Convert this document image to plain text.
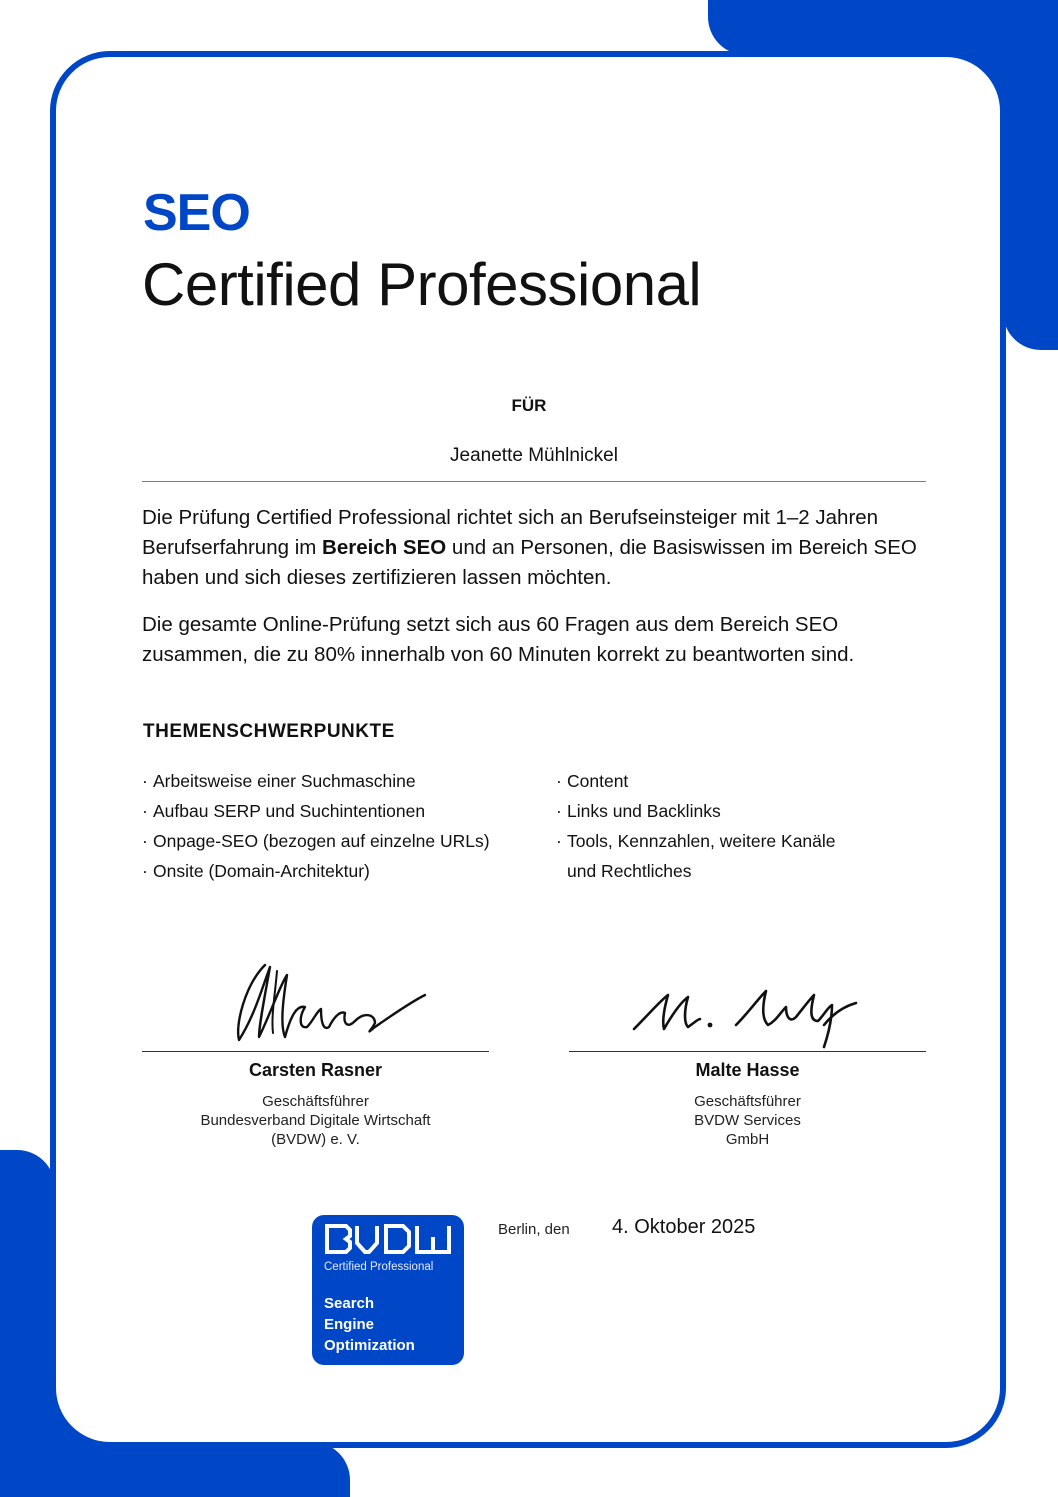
SEO
Certified Professional
FÜR
Jeanette Mühlnickel
Die Prüfung Certified Professional richtet sich an Berufseinsteiger mit 1–2 Jahren Berufserfahrung im Bereich SEO und an Personen, die Basiswissen im Bereich SEO haben und sich dieses zertifizieren lassen möchten.
Die gesamte Online-Prüfung setzt sich aus 60 Fragen aus dem Bereich SEO zusammen, die zu 80% innerhalb von 60 Minuten korrekt zu beantworten sind.
THEMENSCHWERPUNKTE
· Arbeitsweise einer Suchmaschine
· Aufbau SERP und Suchintentionen
· Onpage-SEO (bezogen auf einzelne URLs)
· Onsite (Domain-Architektur)
· Content
· Links und Backlinks
· Tools, Kennzahlen, weitere Kanäle
und Rechtliches
Carsten Rasner
Geschäftsführer
Bundesverband Digitale Wirtschaft
(BVDW) e. V.
Malte Hasse
Geschäftsführer
BVDW Services
GmbH
Certified Professional
Search
Engine
Optimization
Berlin, den 4. Oktober 2025
